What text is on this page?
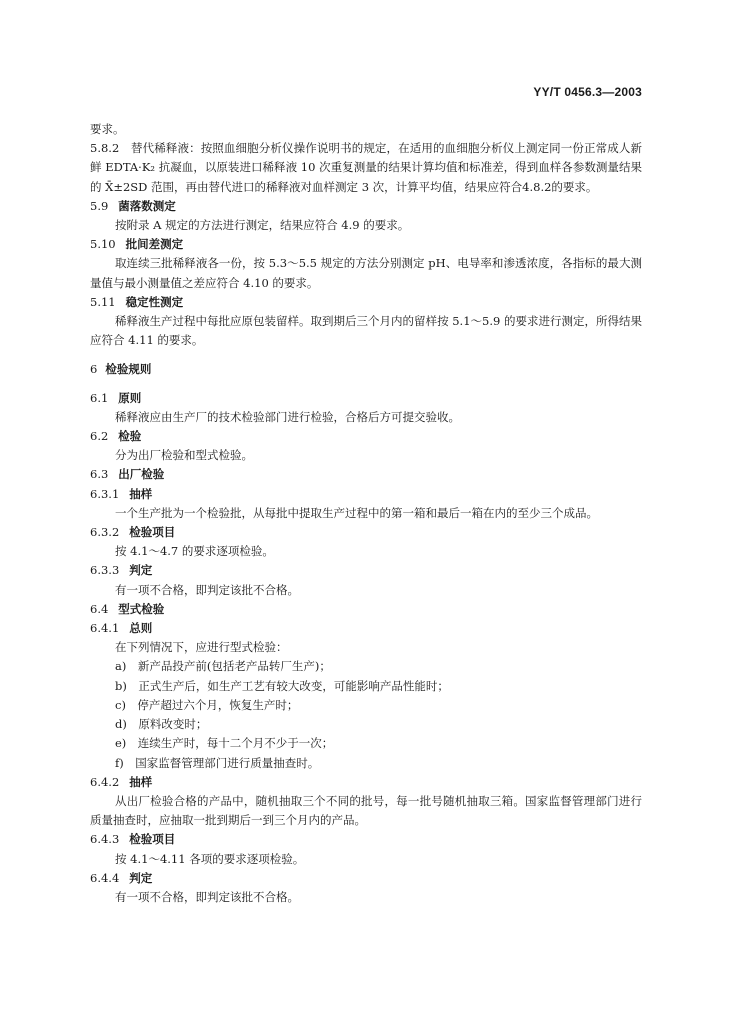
YY/T 0456.3—2003
要求。
5.8.2　替代稀释液：按照血细胞分析仪操作说明书的规定，在适用的血细胞分析仪上测定同一份正常成人新鲜 EDTA·K₂ 抗凝血，以原装进口稀释液 10 次重复测量的结果计算均值和标准差，得到血样各参数测量结果的 X̄±2SD 范围，再由替代进口的稀释液对血样测定 3 次，计算平均值，结果应符合4.8.2的要求。
5.9 菌落数测定
按附录 A 规定的方法进行测定，结果应符合 4.9 的要求。
5.10 批间差测定
取连续三批稀释液各一份，按 5.3～5.5 规定的方法分别测定 pH、电导率和渗透浓度，各指标的最大测量值与最小测量值之差应符合 4.10 的要求。
5.11 稳定性测定
稀释液生产过程中每批应原包装留样。取到期后三个月内的留样按 5.1～5.9 的要求进行测定，所得结果应符合 4.11 的要求。
6 检验规则
6.1 原则
稀释液应由生产厂的技术检验部门进行检验，合格后方可提交验收。
6.2 检验
分为出厂检验和型式检验。
6.3 出厂检验
6.3.1 抽样
一个生产批为一个检验批，从每批中提取生产过程中的第一箱和最后一箱在内的至少三个成品。
6.3.2 检验项目
按 4.1～4.7 的要求逐项检验。
6.3.3 判定
有一项不合格，即判定该批不合格。
6.4 型式检验
6.4.1 总则
在下列情况下，应进行型式检验：
a)　新产品投产前(包括老产品转厂生产)；
b)　正式生产后，如生产工艺有较大改变，可能影响产品性能时；
c)　停产超过六个月，恢复生产时；
d)　原料改变时；
e)　连续生产时，每十二个月不少于一次；
f)　国家监督管理部门进行质量抽查时。
6.4.2 抽样
从出厂检验合格的产品中，随机抽取三个不同的批号，每一批号随机抽取三箱。国家监督管理部门进行质量抽查时，应抽取一批到期后一到三个月内的产品。
6.4.3 检验项目
按 4.1～4.11 各项的要求逐项检验。
6.4.4 判定
有一项不合格，即判定该批不合格。
